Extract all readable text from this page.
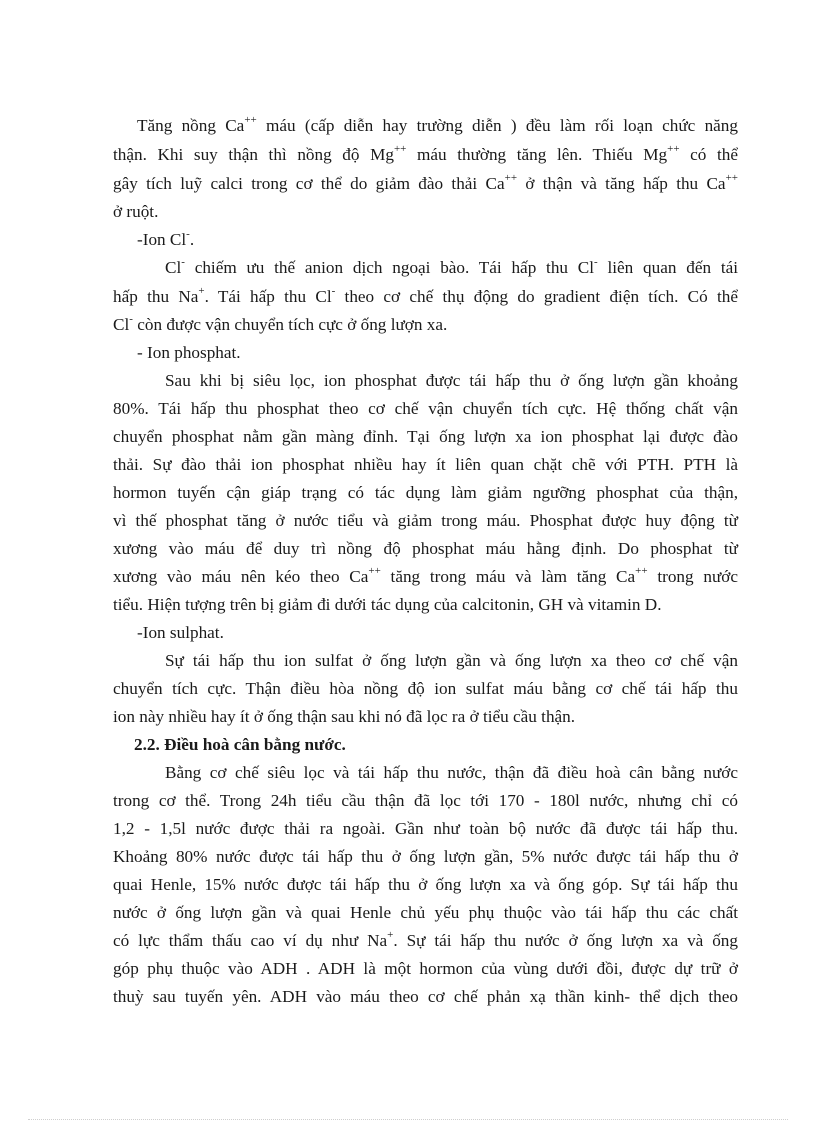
Tăng nồng Ca++ máu (cấp diễn hay trường diễn ) đều làm rối loạn chức năng
thận. Khi suy thận thì nồng độ Mg++ máu thường tăng lên. Thiếu Mg++ có thể
gây tích luỹ calci trong cơ thể do giảm đào thải Ca++ ở thận và tăng hấp thu Ca++
ở ruột.
-Ion Cl-.
Cl- chiếm ưu thế anion dịch ngoại bào. Tái hấp thu Cl- liên quan đến tái
hấp thu Na+. Tái hấp thu Cl- theo cơ chế thụ động do gradient điện tích. Có thể
Cl- còn được vận chuyển tích cực ở ống lượn xa.
- Ion phosphat.
Sau khi bị siêu lọc, ion phosphat được tái hấp thu ở ống lượn gần khoảng
80%. Tái hấp thu phosphat theo cơ chế vận chuyển tích cực. Hệ thống chất vận
chuyển phosphat nằm gần màng đỉnh. Tại ống lượn xa ion phosphat lại được đào
thải. Sự đào thải ion phosphat nhiều hay ít liên quan chặt chẽ với PTH. PTH là
hormon tuyến cận giáp trạng có tác dụng làm giảm ngưỡng phosphat của thận,
vì thế phosphat tăng ở nước tiểu và giảm trong máu. Phosphat được huy động từ
xương vào máu để duy trì nồng độ phosphat máu hằng định. Do phosphat từ
xương vào máu nên kéo theo Ca++ tăng trong máu và làm tăng Ca++ trong nước
tiểu. Hiện tượng trên bị giảm đi dưới tác dụng của calcitonin, GH và vitamin D.
-Ion sulphat.
Sự tái hấp thu ion sulfat ở ống lượn gần và ống lượn xa theo cơ chế vận
chuyển tích cực. Thận điều hòa nồng độ ion sulfat máu bằng cơ chế tái hấp thu
ion này nhiều hay ít ở ống thận sau khi nó đã lọc ra ở tiểu cầu thận.
2.2. Điều hoà cân bằng nước.
Bằng cơ chế siêu lọc và tái hấp thu nước, thận đã điều hoà cân bằng nước
trong cơ thể. Trong 24h tiểu cầu thận đã lọc tới 170 - 180l nước, nhưng chỉ có
1,2 - 1,5l nước được thải ra ngoài. Gần như toàn bộ nước đã được tái hấp thu.
Khoảng 80% nước được tái hấp thu ở ống lượn gần, 5% nước được tái hấp thu ở
quai Henle, 15% nước được tái hấp thu ở ống lượn xa và ống góp. Sự tái hấp thu
nước ở ống lượn gần và quai Henle chủ yếu phụ thuộc vào tái hấp thu các chất
có lực thẩm thấu cao ví dụ như Na+. Sự tái hấp thu nước ở ống lượn xa và ống
góp phụ thuộc vào ADH . ADH là một hormon của vùng dưới đồi, được dự trữ ở
thuỳ sau tuyến yên. ADH vào máu theo cơ chế phản xạ thần kinh- thể dịch theo
